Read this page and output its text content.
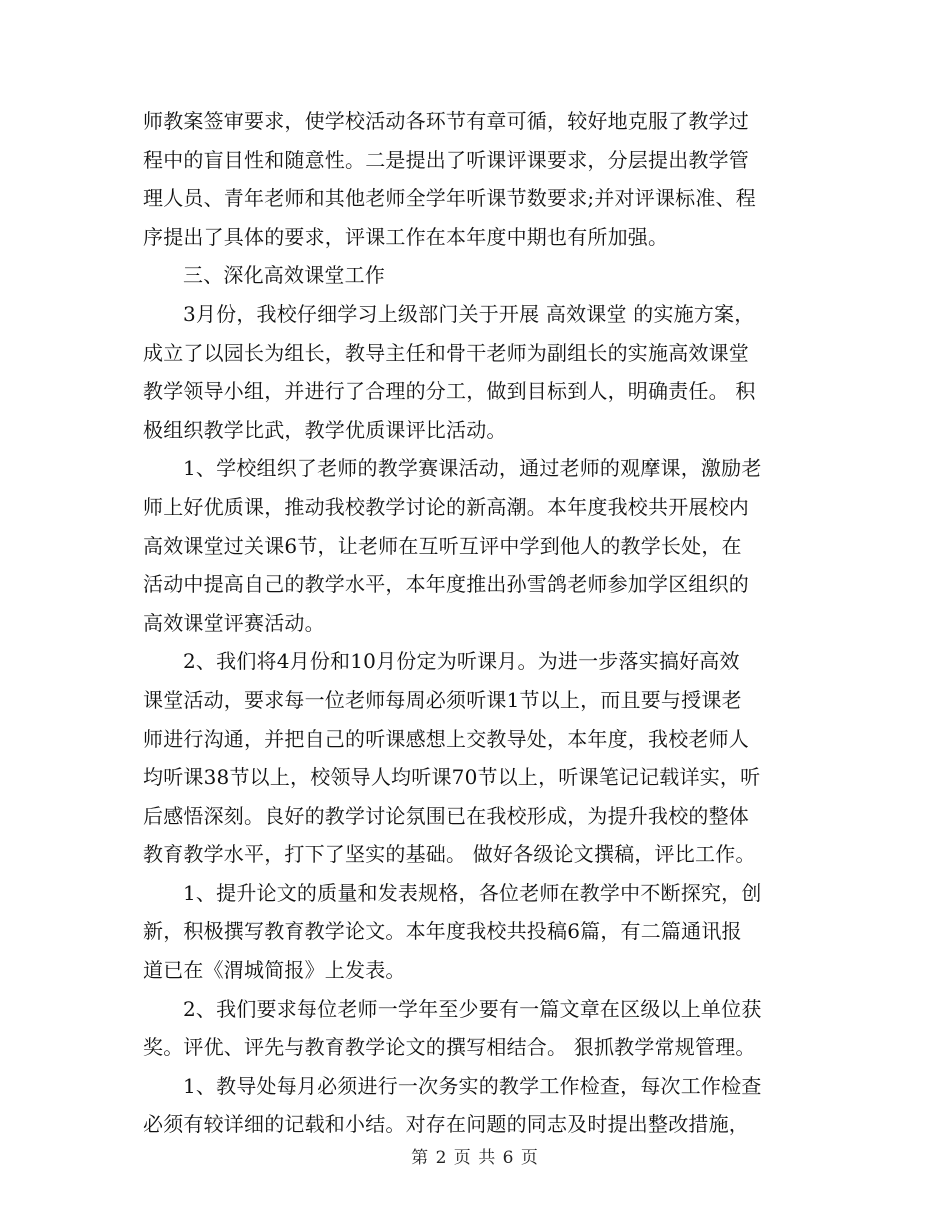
师教案签审要求，使学校活动各环节有章可循，较好地克服了教学过
程中的盲目性和随意性。二是提出了听课评课要求，分层提出教学管
理人员、青年老师和其他老师全学年听课节数要求;并对评课标准、程
序提出了具体的要求，评课工作在本年度中期也有所加强。
三、深化高效课堂工作
3月份，我校仔细学习上级部门关于开展 高效课堂 的实施方案，
成立了以园长为组长，教导主任和骨干老师为副组长的实施高效课堂
教学领导小组，并进行了合理的分工，做到目标到人，明确责任。 积
极组织教学比武，教学优质课评比活动。
1、学校组织了老师的教学赛课活动，通过老师的观摩课，激励老
师上好优质课，推动我校教学讨论的新高潮。本年度我校共开展校内
高效课堂过关课6节，让老师在互听互评中学到他人的教学长处，在
活动中提高自己的教学水平，本年度推出孙雪鸽老师参加学区组织的
高效课堂评赛活动。
2、我们将4月份和10月份定为听课月。为进一步落实搞好高效
课堂活动，要求每一位老师每周必须听课1节以上，而且要与授课老
师进行沟通，并把自己的听课感想上交教导处，本年度，我校老师人
均听课38节以上，校领导人均听课70节以上，听课笔记记载详实，听
后感悟深刻。良好的教学讨论氛围已在我校形成，为提升我校的整体
教育教学水平，打下了坚实的基础。 做好各级论文撰稿，评比工作。
1、提升论文的质量和发表规格，各位老师在教学中不断探究，创
新，积极撰写教育教学论文。本年度我校共投稿6篇，有二篇通讯报
道已在《渭城简报》上发表。
2、我们要求每位老师一学年至少要有一篇文章在区级以上单位获
奖。评优、评先与教育教学论文的撰写相结合。 狠抓教学常规管理。
1、教导处每月必须进行一次务实的教学工作检查，每次工作检查
必须有较详细的记载和小结。对存在问题的同志及时提出整改措施，
第 2 页 共 6 页
